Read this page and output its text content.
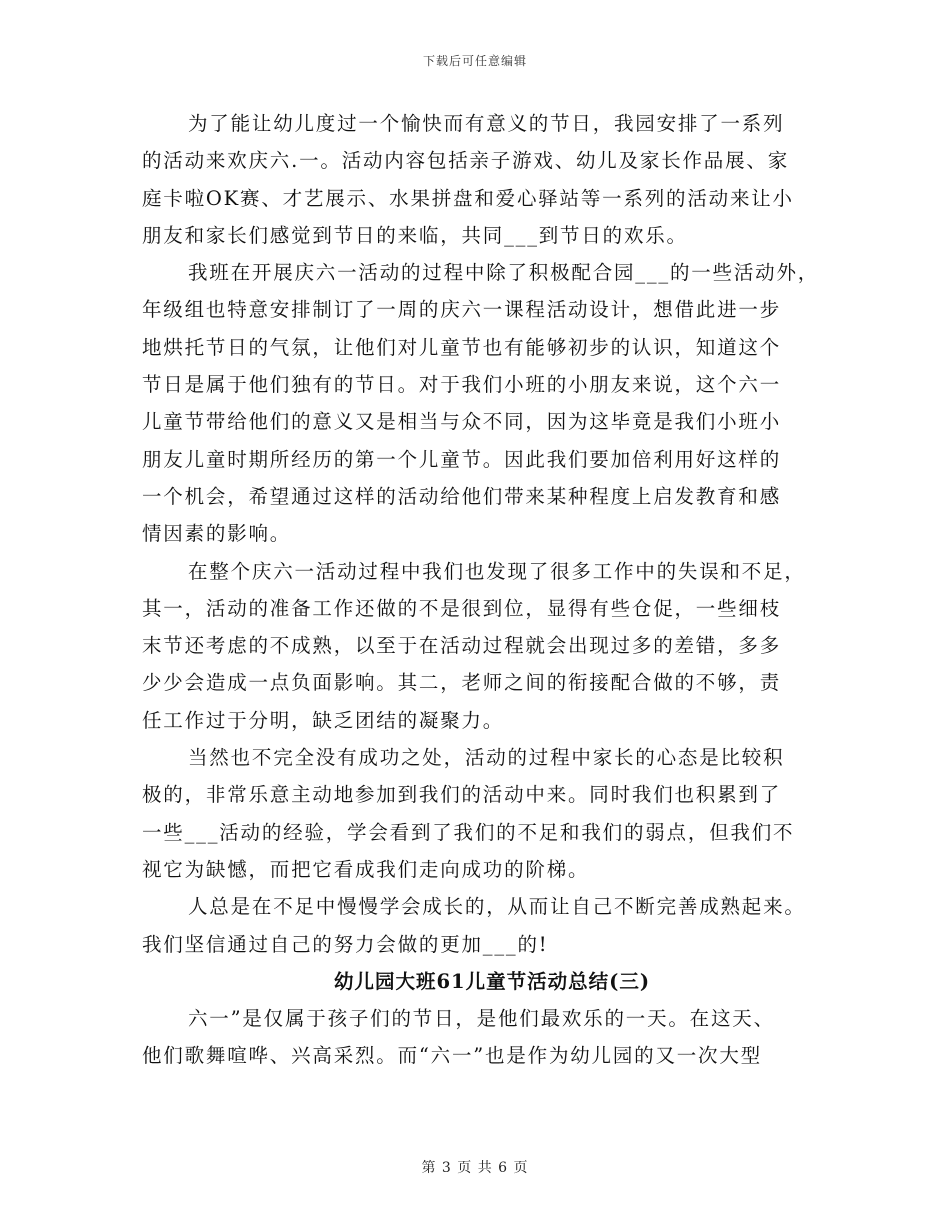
下载后可任意编辑
为了能让幼儿度过一个愉快而有意义的节日，我园安排了一系列
的活动来欢庆六.一。活动内容包括亲子游戏、幼儿及家长作品展、家
庭卡啦OK赛、才艺展示、水果拼盘和爱心驿站等一系列的活动来让小
朋友和家长们感觉到节日的来临，共同___到节日的欢乐。
我班在开展庆六一活动的过程中除了积极配合园___的一些活动外，
年级组也特意安排制订了一周的庆六一课程活动设计，想借此进一步
地烘托节日的气氛，让他们对儿童节也有能够初步的认识，知道这个
节日是属于他们独有的节日。对于我们小班的小朋友来说，这个六一
儿童节带给他们的意义又是相当与众不同，因为这毕竟是我们小班小
朋友儿童时期所经历的第一个儿童节。因此我们要加倍利用好这样的
一个机会，希望通过这样的活动给他们带来某种程度上启发教育和感
情因素的影响。
在整个庆六一活动过程中我们也发现了很多工作中的失误和不足，
其一，活动的准备工作还做的不是很到位，显得有些仓促，一些细枝
末节还考虑的不成熟，以至于在活动过程就会出现过多的差错，多多
少少会造成一点负面影响。其二，老师之间的衔接配合做的不够，责
任工作过于分明，缺乏团结的凝聚力。
当然也不完全没有成功之处，活动的过程中家长的心态是比较积
极的，非常乐意主动地参加到我们的活动中来。同时我们也积累到了
一些___活动的经验，学会看到了我们的不足和我们的弱点，但我们不
视它为缺憾，而把它看成我们走向成功的阶梯。
人总是在不足中慢慢学会成长的，从而让自己不断完善成熟起来。
我们坚信通过自己的努力会做的更加___的!
幼儿园大班61儿童节活动总结(三)
六一”是仅属于孩子们的节日，是他们最欢乐的一天。在这天、
他们歌舞喧哗、兴高采烈。而“六一”也是作为幼儿园的又一次大型
第 3 页 共 6 页
